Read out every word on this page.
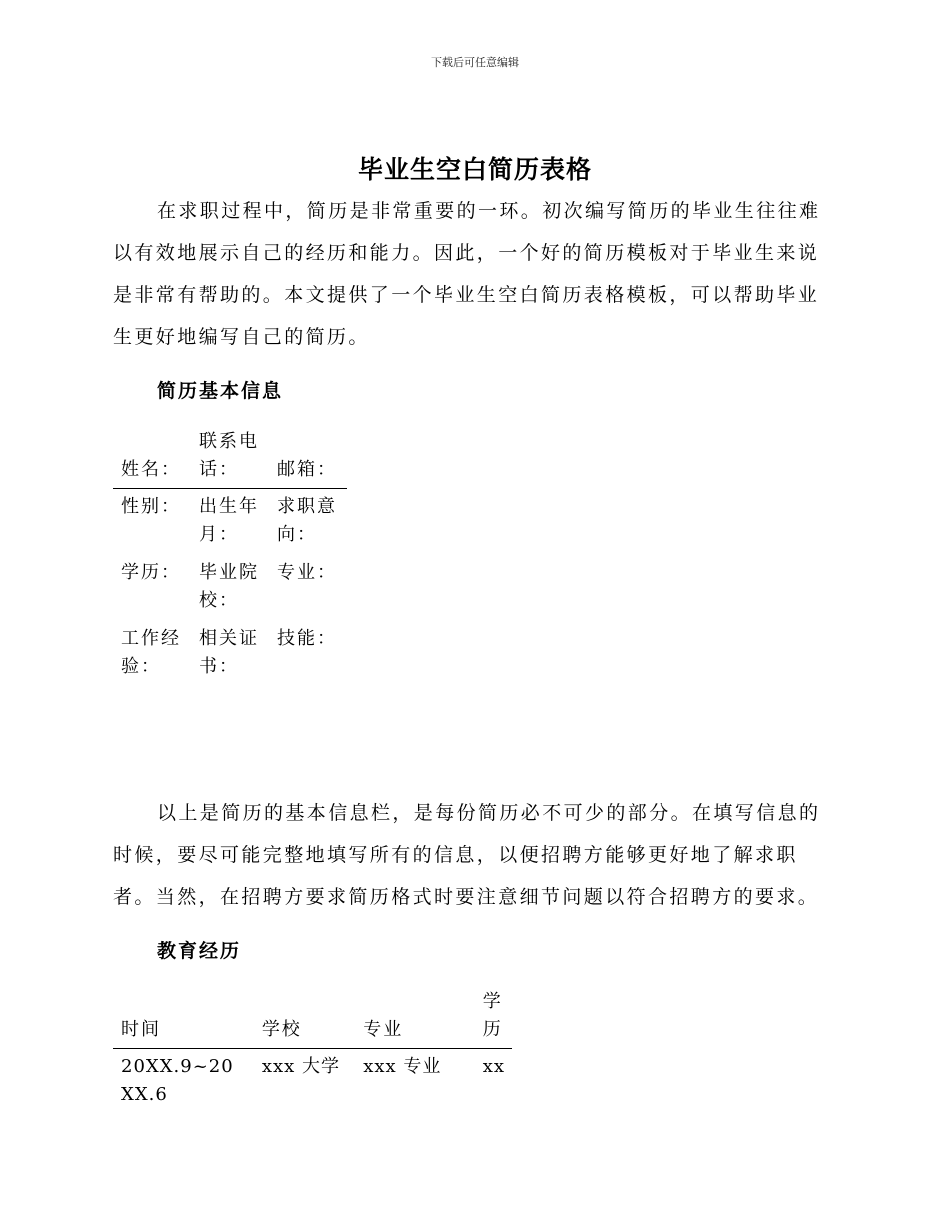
下载后可任意编辑
毕业生空白简历表格

在求职过程中，简历是非常重要的一环。初次编写简历的毕业生往往难以有效地展示自己的经历和能力。因此，一个好的简历模板对于毕业生来说是非常有帮助的。本文提供了一个毕业生空白简历表格模板，可以帮助毕业生更好地编写自己的简历。

简历基本信息
姓名：	联系电话：	邮箱：
性别：	出生年月：	求职意向：
学历：	毕业院校：	专业：
工作经验：	相关证书：	技能：

以上是简历的基本信息栏，是每份简历必不可少的部分。在填写信息的时候，要尽可能完整地填写所有的信息，以便招聘方能够更好地了解求职者。当然，在招聘方要求简历格式时要注意细节问题以符合招聘方的要求。

教育经历
时间	学校	专业	学历
20XX.9~20XX.6	xxx 大学	xxx 专业	xx
